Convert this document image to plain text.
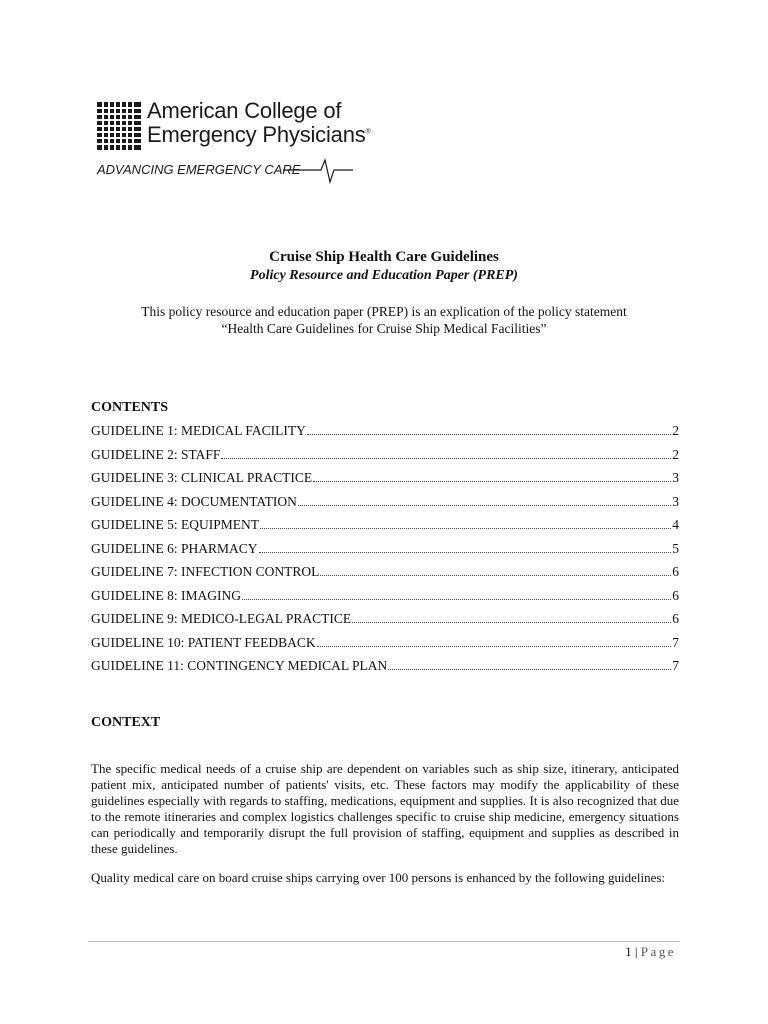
American College of
Emergency Physicians®
ADVANCING EMERGENCY CARE
Cruise Ship Health Care Guidelines
Policy Resource and Education Paper (PREP)
This policy resource and education paper (PREP) is an explication of the policy statement
“Health Care Guidelines for Cruise Ship Medical Facilities”
CONTENTS
GUIDELINE 1: MEDICAL FACILITY	2
GUIDELINE 2: STAFF	2
GUIDELINE 3: CLINICAL PRACTICE	3
GUIDELINE 4: DOCUMENTATION	3
GUIDELINE 5: EQUIPMENT	4
GUIDELINE 6: PHARMACY	5
GUIDELINE 7: INFECTION CONTROL	6
GUIDELINE 8: IMAGING	6
GUIDELINE 9: MEDICO-LEGAL PRACTICE	6
GUIDELINE 10: PATIENT FEEDBACK	7
GUIDELINE 11: CONTINGENCY MEDICAL PLAN	7
CONTEXT

The specific medical needs of a cruise ship are dependent on variables such as ship size, itinerary, anticipated patient mix, anticipated number of patients' visits, etc. These factors may modify the applicability of these guidelines especially with regards to staffing, medications, equipment and supplies. It is also recognized that due to the remote itineraries and complex logistics challenges specific to cruise ship medicine, emergency situations can periodically and temporarily disrupt the full provision of staffing, equipment and supplies as described in these guidelines.

Quality medical care on board cruise ships carrying over 100 persons is enhanced by the following guidelines:

1 | Page
